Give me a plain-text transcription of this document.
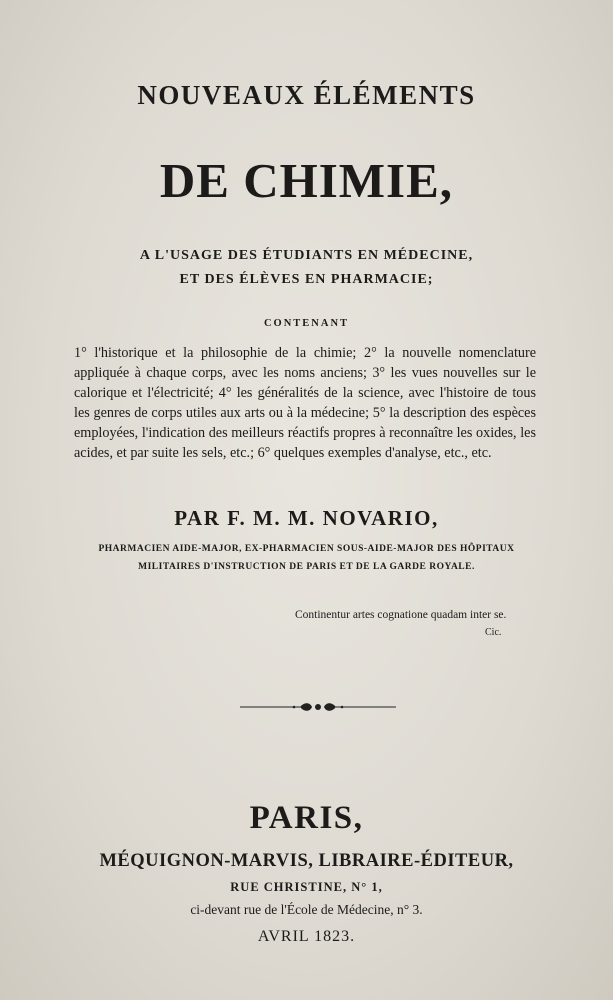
NOUVEAUX ÉLÉMENTS
DE CHIMIE,
A L'USAGE DES ÉTUDIANTS EN MÉDECINE,
ET DES ÉLÈVES EN PHARMACIE;
CONTENANT
1° l'historique et la philosophie de la chimie; 2° la nouvelle nomenclature appliquée à chaque corps, avec les noms anciens; 3° les vues nouvelles sur le calorique et l'électricité; 4° les généralités de la science, avec l'histoire de tous les genres de corps utiles aux arts ou à la médecine; 5° la description des espèces employées, l'indication des meilleurs réactifs propres à reconnaître les oxides, les acides, et par suite les sels, etc.; 6° quelques exemples d'analyse, etc., etc.
PAR F. M. M. NOVARIO,
PHARMACIEN AIDE-MAJOR, EX-PHARMACIEN SOUS-AIDE-MAJOR DES HÔPITAUX
MILITAIRES D'INSTRUCTION DE PARIS ET DE LA GARDE ROYALE.
Continentur artes cognatione quadam inter se.
Cic.
PARIS,
MÉQUIGNON-MARVIS, LIBRAIRE-ÉDITEUR,
RUE CHRISTINE, N° 1,
ci-devant rue de l'École de Médecine, n° 3.
AVRIL 1823.
